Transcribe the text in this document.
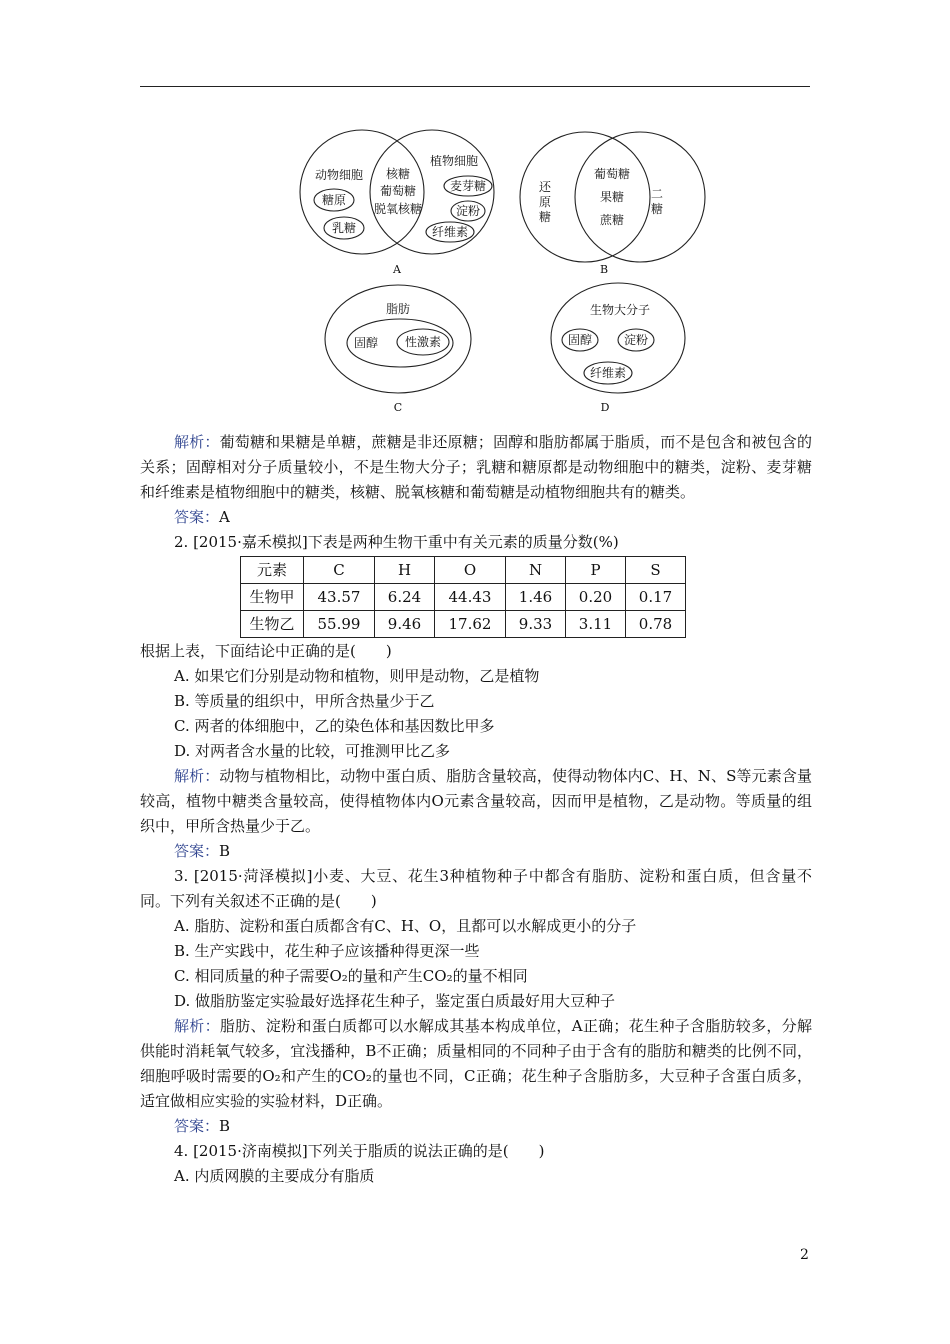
动物细胞
植物细胞
糖原
乳糖
核糖
葡萄糖
脱氧核糖
麦芽糖
淀粉
纤维素
A
葡萄糖
果糖
蔗糖
B
脂肪
固醇 性激素
C
生物大分子
固醇	淀粉
纤维素
D
还
原
糖
二
糖

解析：葡萄糖和果糖是单糖，蔗糖是非还原糖；固醇和脂肪都属于脂质，而不是包含和被包含的关系；固醇相对分子质量较小，不是生物大分子；乳糖和糖原都是动物细胞中的糖类，淀粉、麦芽糖和纤维素是植物细胞中的糖类，核糖、脱氧核糖和葡萄糖是动植物细胞共有的糖类。

答案：A

2. [2015·嘉禾模拟]下表是两种生物干重中有关元素的质量分数(%)

元素	C	H	O	N	P	S
生物甲	43.57	6.24	44.43	1.46	0.20	0.17
生物乙	55.99	9.46	17.62	9.33	3.11	0.78

根据上表，下面结论中正确的是(　　)

A. 如果它们分别是动物和植物，则甲是动物，乙是植物

B. 等质量的组织中，甲所含热量少于乙

C. 两者的体细胞中，乙的染色体和基因数比甲多

D. 对两者含水量的比较，可推测甲比乙多

解析：动物与植物相比，动物中蛋白质、脂肪含量较高，使得动物体内C、H、N、S等元素含量较高，植物中糖类含量较高，使得植物体内O元素含量较高，因而甲是植物，乙是动物。等质量的组织中，甲所含热量少于乙。

答案：B

3. [2015·菏泽模拟]小麦、大豆、花生3种植物种子中都含有脂肪、淀粉和蛋白质，但含量不同。下列有关叙述不正确的是(　　)

A. 脂肪、淀粉和蛋白质都含有C、H、O，且都可以水解成更小的分子

B. 生产实践中，花生种子应该播种得更深一些

C. 相同质量的种子需要O₂的量和产生CO₂的量不相同

D. 做脂肪鉴定实验最好选择花生种子，鉴定蛋白质最好用大豆种子

解析：脂肪、淀粉和蛋白质都可以水解成其基本构成单位，A正确；花生种子含脂肪较多，分解供能时消耗氧气较多，宜浅播种，B不正确；质量相同的不同种子由于含有的脂肪和糖类的比例不同，细胞呼吸时需要的O₂和产生的CO₂的量也不同，C正确；花生种子含脂肪多，大豆种子含蛋白质多，适宜做相应实验的实验材料，D正确。

答案：B

4. [2015·济南模拟]下列关于脂质的说法正确的是(　　)

A. 内质网膜的主要成分有脂质

2
